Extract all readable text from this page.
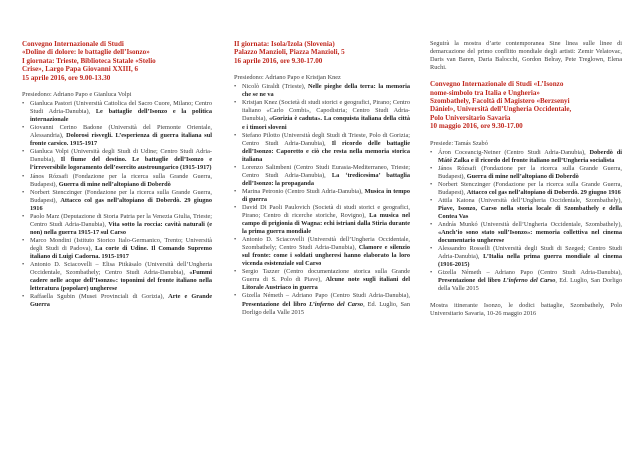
Convegno Internazionale di Studi
«Doline di dolore: le battaglie dell’Isonzo»
I giornata: Trieste, Biblioteca Statale «Stelio
Crise», Largo Papa Giovanni XXIII, 6
15 aprile 2016, ore 9.00-13.30
Presiedono: Adriano Papo e Gianluca Volpi
• Gianluca Pastori (Università Cattolica del Sacro Cuore, Milano; Centro Studi Adria-Danubia), Le battaglie dell’Isonzo e la politica internazionale
• Giovanni Cerino Badone (Università del Piemonte Orientale, Alessandria), Dolorosi risvegli. L’esperienza di guerra italiana sul fronte carsico. 1915-1917
• Gianluca Volpi (Università degli Studi di Udine; Centro Studi Adria-Danubia), Il fiume del destino. Le battaglie dell’Isonzo e l’irreversibile logoramento dell’esercito austroungarico (1915-1917)
• János Rózsafi (Fondazione per la ricerca sulla Grande Guerra, Budapest), Guerra di mine nell’altopiano di Doberdò
• Norbert Stenczinger (Fondazione per la ricerca sulla Grande Guerra, Budapest), Attacco col gas nell’altopiano di Doberdò. 29 giugno 1916
• Paolo Marz (Deputazione di Storia Patria per la Venezia Giulia, Trieste; Centro Studi Adria-Danubia), Vita sotto la roccia: cavità naturali (e non) nella guerra 1915-17 sul Carso
• Marco Mondini (Istituto Storico Italo-Germanico, Trento; Università degli Studi di Padova), La corte di Udine. Il Comando Supremo italiano di Luigi Cadorna. 1915-1917
• Antonio D. Sciacovelli – Elisa Pitkäsalo (Università dell’Ungheria Occidentale, Szombathely; Centro Studi Adria-Danubia), «Fummi cadere nelle acque dell’Isonzo»: toponimi del fronte italiano nella letteratura (popolare) ungherese
• Raffaella Sgubin (Musei Provinciali di Gorizia), Arte e Grande Guerra
II giornata: Isola/Izola (Slovenia)
Palazzo Manzioli, Piazza Manzioli, 5
16 aprile 2016, ore 9.30-17.00
Presiedono: Adriano Papo e Kristjan Knez
• Nicolò Giraldi (Trieste), Nelle pieghe della terra: la memoria che se ne va
• Kristjan Knez (Società di studi storici e geografici, Pirano; Centro italiano «Carlo Combi», Capodistria; Centro Studi Adria-Danubia), «Gorizia è caduta». La conquista italiana della città e i timori sloveni
• Stefano Pilotto (Università degli Studi di Trieste, Polo di Gorizia; Centro Studi Adria-Danubia), Il ricordo delle battaglie dell’Isonzo: Caporetto e ciò che resta nella memoria storica italiana
• Lorenzo Salimbeni (Centro Studi Eurasia-Mediterraneo, Trieste; Centro Studi Adria-Danubia), La ‘tredicesima’ battaglia dell’Isonzo: la propaganda
• Marina Petronio (Centro Studi Adria-Danubia), Musica in tempo di guerra
• David Di Paoli Paulovich (Società di studi storici e geografici, Pirano; Centro di ricerche storiche, Rovigno), La musica nel campo di prigionia di Wagna: echi istriani dalla Stiria durante la prima guerra mondiale
• Antonio D. Sciacovelli (Università dell’Ungheria Occidentale, Szombathely; Centro Studi Adria-Danubia), Clamore e silenzio sul fronte: come i soldati ungheresi hanno elaborato la loro vicenda esistenziale sul Carso
• Sergio Tazzer (Centro documentazione storica sulla Grande Guerra di S. Polo di Piave), Alcune note sugli italiani del Litorale Austriaco in guerra
• Gizella Németh – Adriano Papo (Centro Studi Adria-Danubia), Presentazione del libro L’inferno del Carso, Ed. Luglio, San Dorligo della Valle 2015

Seguirà la mostra d’arte contemporanea Sine linea sulle linee di demarcazione del primo conflitto mondiale degli artisti: Zemir Velatovac, Daris van Baren, Daria Balocchi, Gordon Belray, Pete Treglown, Elena Ruchi.

Convegno Internazionale di Studi «L’Isonzo
nome-simbolo tra Italia e Ungheria»
Szombathely, Facoltà di Magistero «Berzsenyi
Dániel», Università dell’Ungheria Occidentale,
Polo Universitario Savaria
10 maggio 2016, ore 9.30-17.00
Presiede: Tamás Szabó
• Áron Coceancig-Neiner (Centro Studi Adria-Danubia), Doberdò di Máté Zalka e il ricordo del fronte italiano nell’Ungheria socialista
• János Rózsafi (Fondazione per la ricerca sulla Grande Guerra, Budapest), Guerra di mine nell’altopiano di Doberdò
• Norbert Stenczinger (Fondazione per la ricerca sulla Grande Guerra, Budapest), Attacco col gas nell’altopiano di Doberdò. 29 giugno 1916
• Attila Katona (Università dell’Ungheria Occidentale, Szombathely), Piave, Isonzo, Carso nella storia locale di Szombathely e della Contea Vas
• András Munkó (Università dell’Ungheria Occidentale, Szombathely), «Anch’io sono stato sull’Isonzo»: memoria collettiva nel cinema documentario ungherese
• Alessandro Rosselli (Università degli Studi di Szeged; Centro Studi Adria-Danubia), L’Italia nella prima guerra mondiale al cinema (1916-2015)
• Gizella Németh – Adriano Papo (Centro Studi Adria-Danubia), Presentazione del libro L’inferno del Carso, Ed. Luglio, San Dorligo della Valle 2015

Mostra itinerante Isonzo, le dodici battaglie, Szombathely, Polo Universitario Savaria, 10-26 maggio 2016
